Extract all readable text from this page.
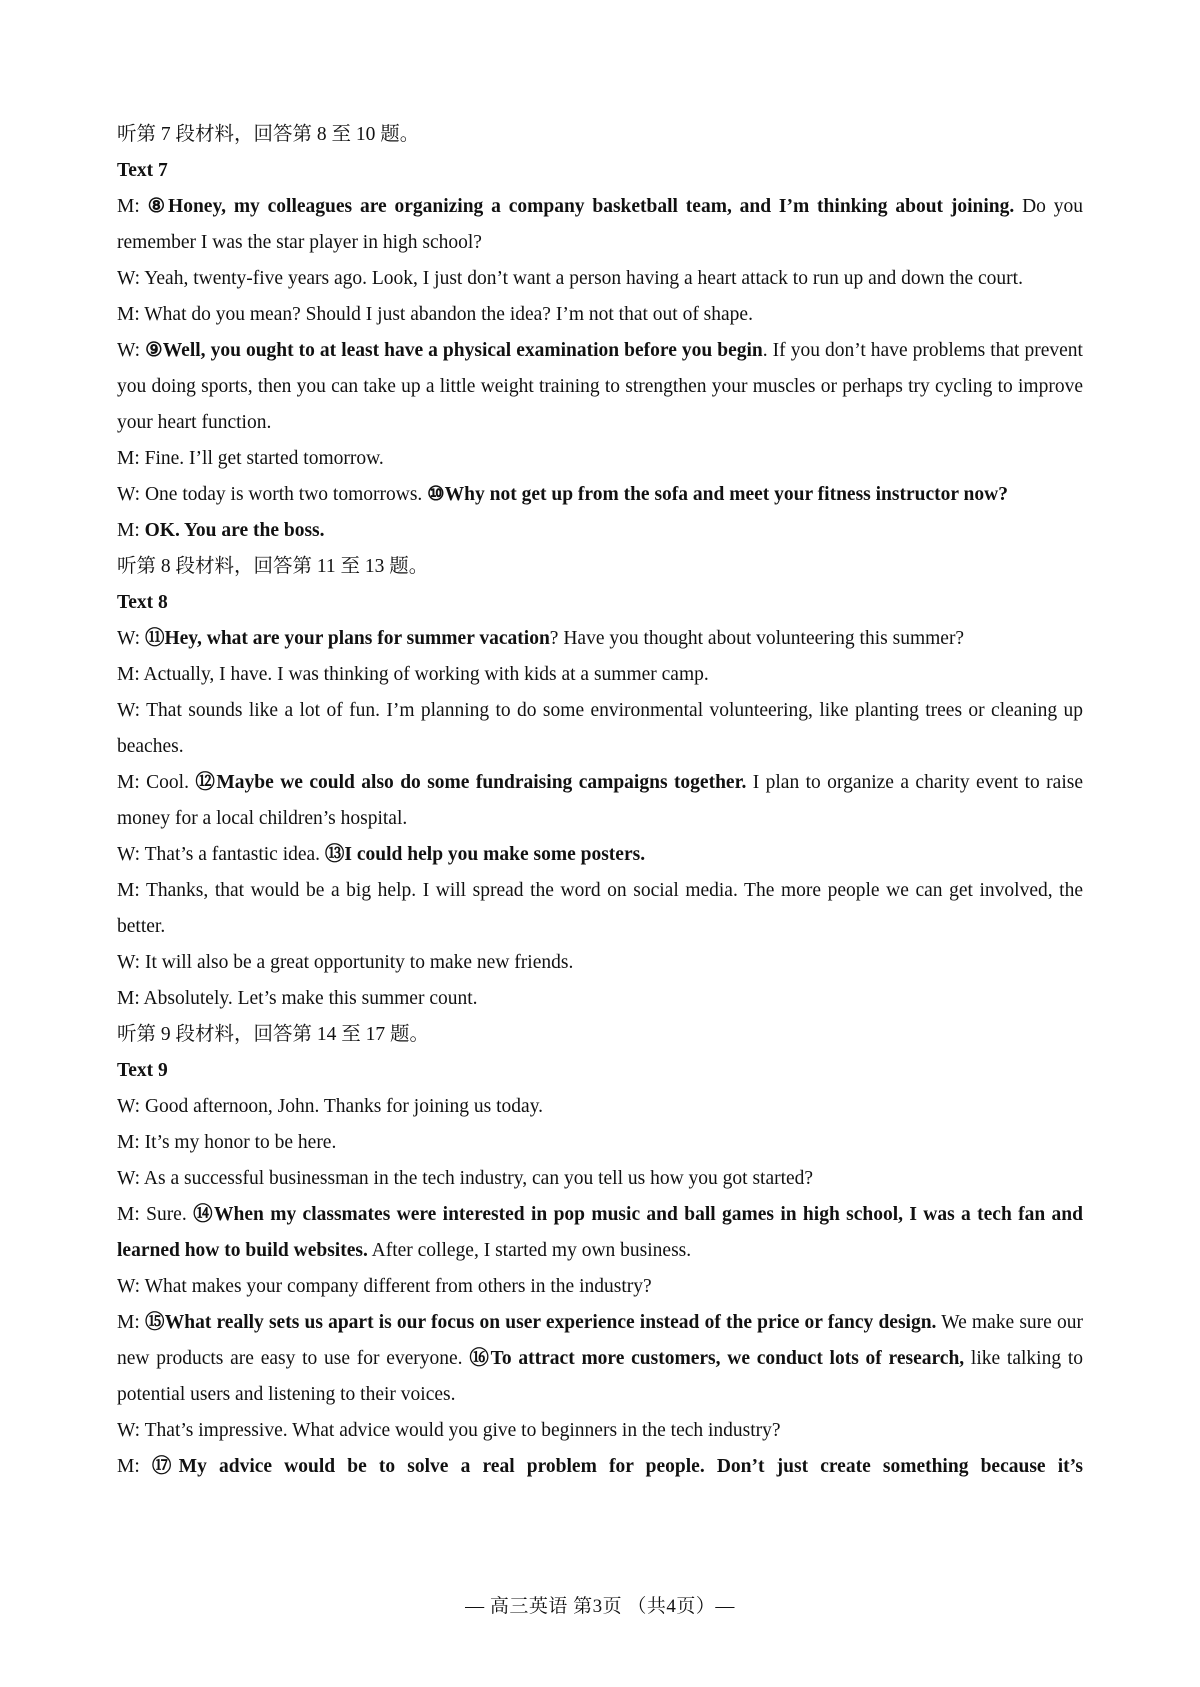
听第 7 段材料，回答第 8 至 10 题。

Text 7

M: ⑧Honey, my colleagues are organizing a company basketball team, and I’m thinking about joining. Do you remember I was the star player in high school?

W: Yeah, twenty-five years ago. Look, I just don’t want a person having a heart attack to run up and down the court.

M: What do you mean? Should I just abandon the idea? I’m not that out of shape.

W: ⑨Well, you ought to at least have a physical examination before you begin. If you don’t have problems that prevent you doing sports, then you can take up a little weight training to strengthen your muscles or perhaps try cycling to improve your heart function.

M: Fine. I’ll get started tomorrow.

W: One today is worth two tomorrows. ⑩Why not get up from the sofa and meet your fitness instructor now?

M: OK. You are the boss.

听第 8 段材料，回答第 11 至 13 题。

Text 8

W: ⑪Hey, what are your plans for summer vacation? Have you thought about volunteering this summer?

M: Actually, I have. I was thinking of working with kids at a summer camp.

W: That sounds like a lot of fun. I’m planning to do some environmental volunteering, like planting trees or cleaning up beaches.

M: Cool. ⑫Maybe we could also do some fundraising campaigns together. I plan to organize a charity event to raise money for a local children’s hospital.

W: That’s a fantastic idea. ⑬I could help you make some posters.

M: Thanks, that would be a big help. I will spread the word on social media. The more people we can get involved, the better.

W: It will also be a great opportunity to make new friends.

M: Absolutely. Let’s make this summer count.

听第 9 段材料，回答第 14 至 17 题。

Text 9

W: Good afternoon, John. Thanks for joining us today.

M: It’s my honor to be here.

W: As a successful businessman in the tech industry, can you tell us how you got started?

M: Sure. ⑭When my classmates were interested in pop music and ball games in high school, I was a tech fan and learned how to build websites. After college, I started my own business.

W: What makes your company different from others in the industry?

M: ⑮What really sets us apart is our focus on user experience instead of the price or fancy design. We make sure our new products are easy to use for everyone. ⑯To attract more customers, we conduct lots of research, like talking to potential users and listening to their voices.

W: That’s impressive. What advice would you give to beginners in the tech industry?

M: ⑰My advice would be to solve a real problem for people. Don’t just create something because it’s

— 高三英语 第3页 （共4页）—
